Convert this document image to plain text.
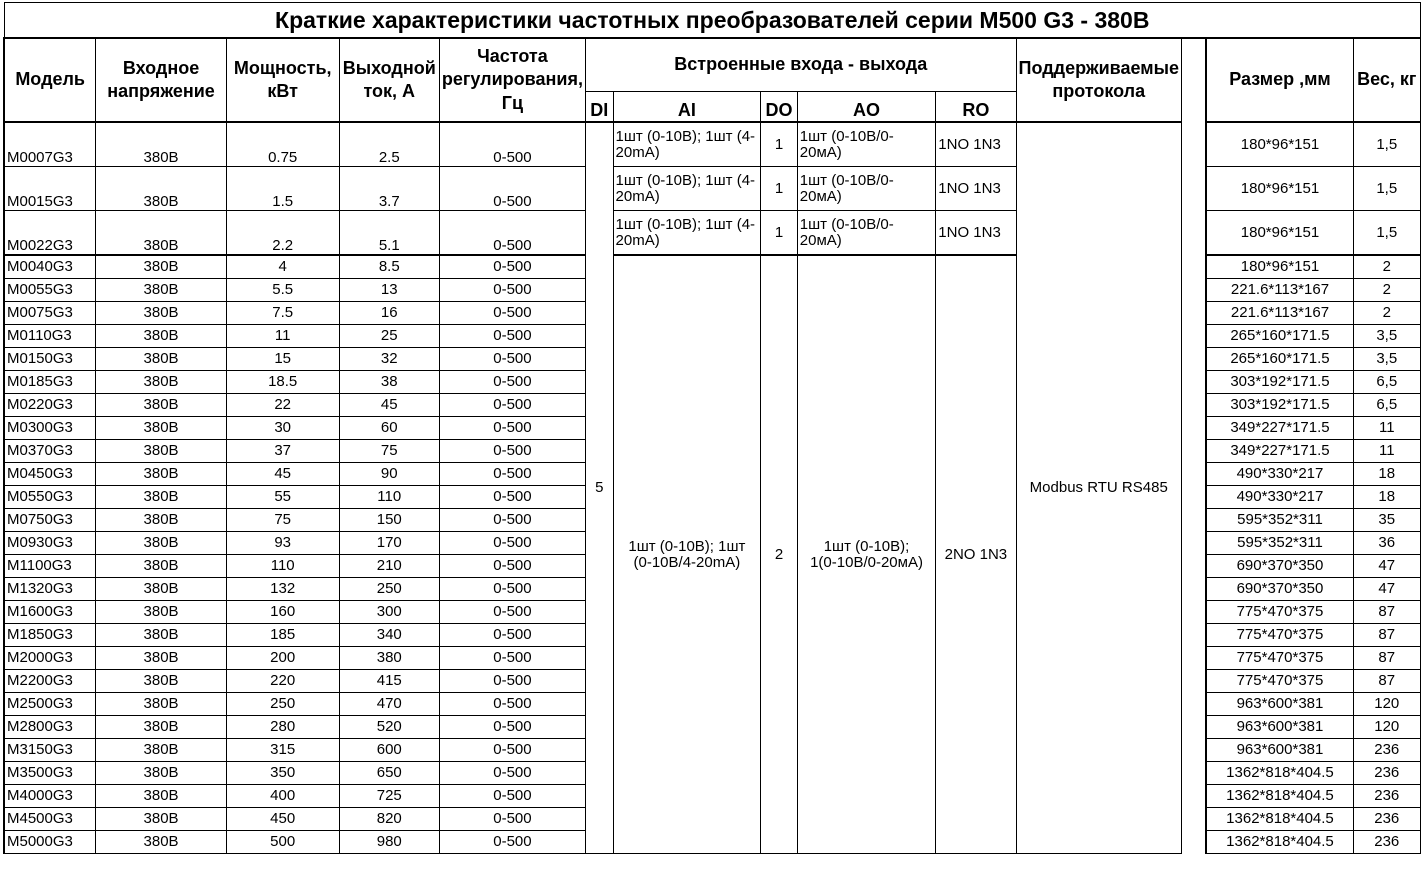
Краткие характеристики частотных преобразователей серии M500 G3 - 380В													
Модель	Входное напряжение	Мощность, кВт	Выходной ток, А	Частота регулирования, Гц	Встроенные входа - выхода					Поддерживаемые протокола		Размер ,мм	Вес, кг
					DI	AI	DO	AO	RO				
M0007G3	380В	0.75	2.5	0-500	5	1шт (0-10В); 1шт (4-20mA)	1	1шт (0-10В/0-20мА)	1NO 1N3	Modbus RTU RS485		180*96*151	1,5
M0015G3	380В	1.5	3.7	0-500		1шт (0-10В); 1шт (4-20mA)	1	1шт (0-10В/0-20мА)	1NO 1N3			180*96*151	1,5
M0022G3	380В	2.2	5.1	0-500		1шт (0-10В); 1шт (4-20mA)	1	1шт (0-10В/0-20мА)	1NO 1N3			180*96*151	1,5
M0040G3	380В	4	8.5	0-500		1шт (0-10В); 1шт (0-10В/4-20mA)	2	1шт (0-10В); 1(0-10В/0-20мА)	2NO 1N3			180*96*151	2
M0055G3	380В	5.5	13	0-500								221.6*113*167	2
M0075G3	380В	7.5	16	0-500								221.6*113*167	2
M0110G3	380В	11	25	0-500								265*160*171.5	3,5
M0150G3	380В	15	32	0-500								265*160*171.5	3,5
M0185G3	380В	18.5	38	0-500								303*192*171.5	6,5
M0220G3	380В	22	45	0-500								303*192*171.5	6,5
M0300G3	380В	30	60	0-500								349*227*171.5	11
M0370G3	380В	37	75	0-500								349*227*171.5	11
M0450G3	380В	45	90	0-500								490*330*217	18
M0550G3	380В	55	110	0-500								490*330*217	18
M0750G3	380В	75	150	0-500								595*352*311	35
M0930G3	380В	93	170	0-500								595*352*311	36
M1100G3	380В	110	210	0-500								690*370*350	47
M1320G3	380В	132	250	0-500								690*370*350	47
M1600G3	380В	160	300	0-500								775*470*375	87
M1850G3	380В	185	340	0-500								775*470*375	87
M2000G3	380В	200	380	0-500								775*470*375	87
M2200G3	380В	220	415	0-500								775*470*375	87
M2500G3	380В	250	470	0-500								963*600*381	120
M2800G3	380В	280	520	0-500								963*600*381	120
M3150G3	380В	315	600	0-500								963*600*381	236
M3500G3	380В	350	650	0-500								1362*818*404.5	236
M4000G3	380В	400	725	0-500								1362*818*404.5	236
M4500G3	380В	450	820	0-500								1362*818*404.5	236
M5000G3	380В	500	980	0-500								1362*818*404.5	236
